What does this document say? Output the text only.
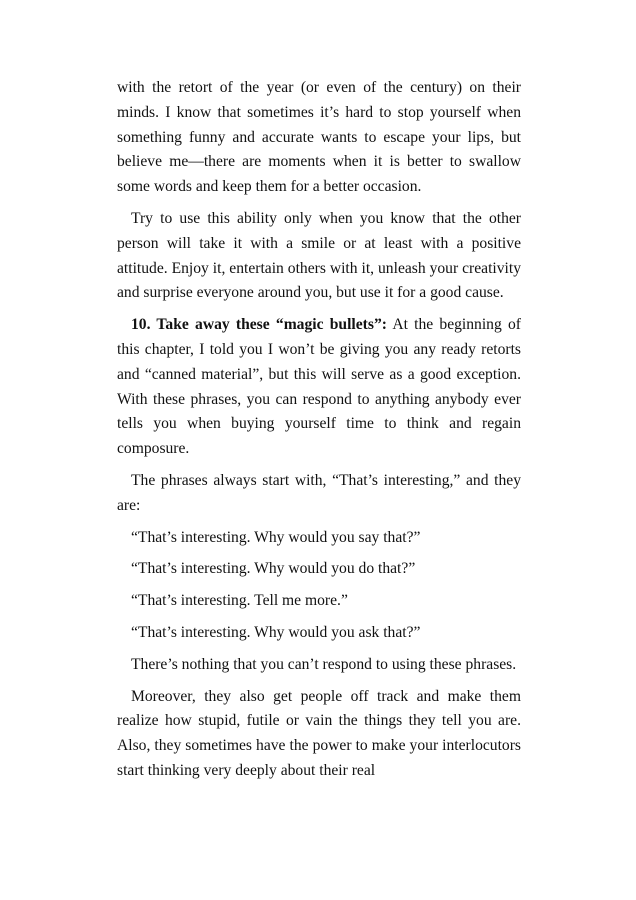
with the retort of the year (or even of the century) on their minds. I know that sometimes it’s hard to stop yourself when something funny and accurate wants to escape your lips, but believe me—there are moments when it is better to swallow some words and keep them for a better occasion.

Try to use this ability only when you know that the other person will take it with a smile or at least with a positive attitude. Enjoy it, entertain others with it, unleash your creativity and surprise everyone around you, but use it for a good cause.

10. Take away these “magic bullets”: At the beginning of this chapter, I told you I won’t be giving you any ready retorts and “canned material”, but this will serve as a good exception. With these phrases, you can respond to anything anybody ever tells you when buying yourself time to think and regain composure.

The phrases always start with, “That’s interesting,” and they are:

“That’s interesting. Why would you say that?”

“That’s interesting. Why would you do that?”

“That’s interesting. Tell me more.”

“That’s interesting. Why would you ask that?”

There’s nothing that you can’t respond to using these phrases.

Moreover, they also get people off track and make them realize how stupid, futile or vain the things they tell you are. Also, they sometimes have the power to make your interlocutors start thinking very deeply about their real
